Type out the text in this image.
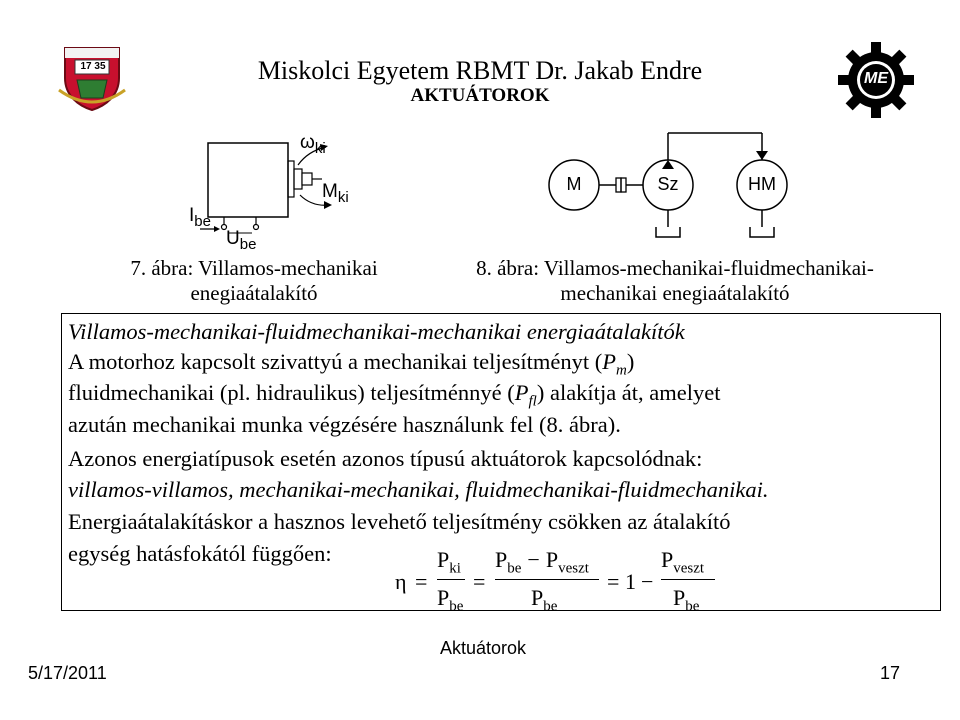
17 35
ME
Miskolci Egyetem RBMT Dr. Jakab Endre
AKTUÁTOROK
$\omega_{ki}$
$M_{ki}$
$I_{be}$
$U_{be}$
7. ábra: Villamos-mechanikai
enegiaátalakító
M	Sz	HM
8. ábra: Villamos-mechanikai-fluidmechanikai-
mechanikai enegiaátalakító
Villamos-mechanikai-fluidmechanikai-mechanikai energiaátalakítók
A motorhoz kapcsolt szivattyú a mechanikai teljesítményt $(P_m)$
fluidmechanikai (pl. hidraulikus) teljesítménnyé $(P_{fl})$ alakítja át, amelyet
azután mechanikai munka végzésére használunk fel (8. ábra).
Azonos energiatípusok esetén azonos típusú aktuátorok kapcsolódnak:
villamos-villamos, mechanikai-mechanikai, fluidmechanikai-fluidmechanikai.
Energiaátalakításkor a hasznos levehető teljesítmény csökken az átalakító
egység hatásfokától függően:
η =
$P_{ki}$
$P_{be}$
=
$P_{be} - P_{veszt}$
$P_{be}$
= 1 −
$P_{veszt}$
$P_{be}$
Aktuátorok
5/17/2011	17
